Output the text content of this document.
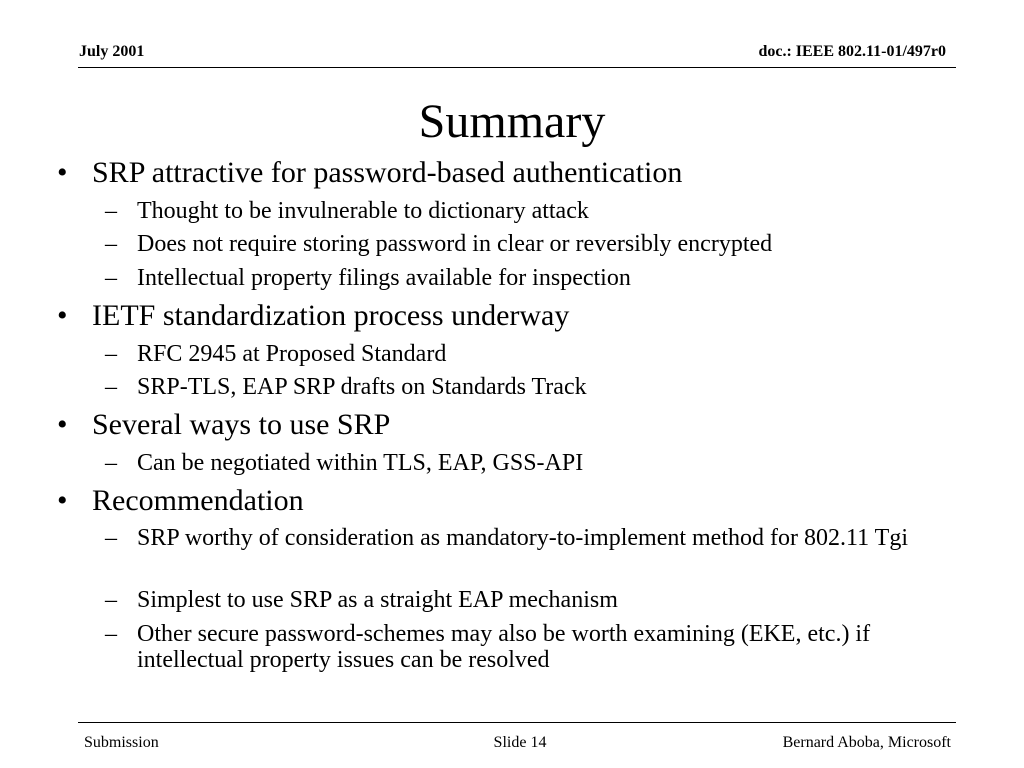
July 2001	doc.: IEEE 802.11-01/497r0
Summary
• SRP attractive for password-based authentication
– Thought to be invulnerable to dictionary attack
– Does not require storing password in clear or reversibly encrypted
– Intellectual property filings available for inspection
• IETF standardization process underway
– RFC 2945 at Proposed Standard
– SRP-TLS, EAP SRP drafts on Standards Track
• Several ways to use SRP
– Can be negotiated within TLS, EAP, GSS-API
• Recommendation
– SRP worthy of consideration as mandatory-to-implement method for 802.11 Tgi
– Simplest to use SRP as a straight EAP mechanism
– Other secure password-schemes may also be worth examining (EKE, etc.) if intellectual property issues can be resolved
Submission	Slide 14	Bernard Aboba, Microsoft
